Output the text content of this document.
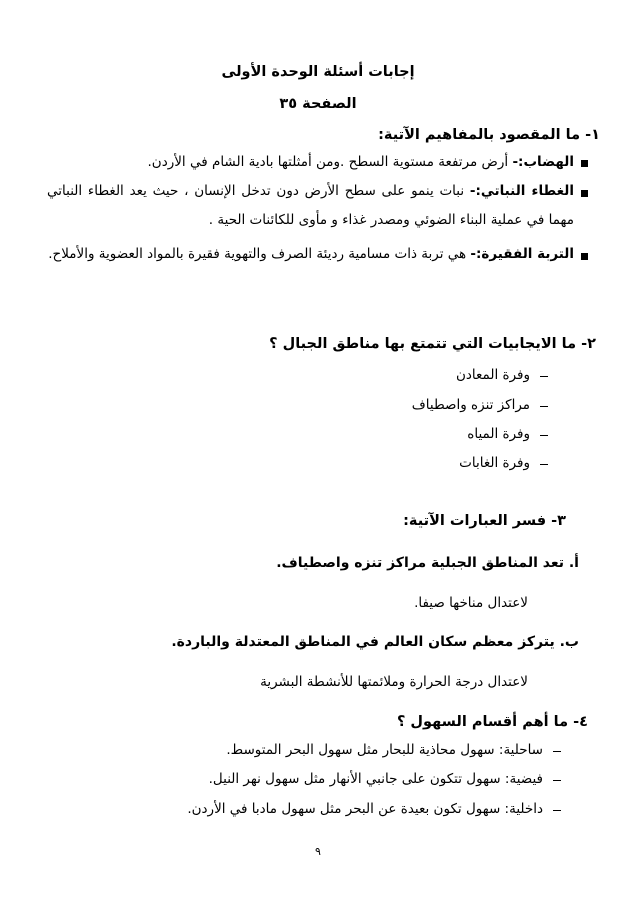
إجابات أسئلة الوحدة الأولى
الصفحة ٣٥
١- ما المقصود بالمفاهيم الآتية:
الهضاب:- أرض مرتفعة مستوية السطح .ومن أمثلتها بادية الشام في الأردن.
الغطاء النباتي:- نبات ينمو على سطح الأرض دون تدخل الإنسان ، حيث يعد الغطاء النباتي مهما في عملية البناء الضوئي ومصدر غذاء و مأوى للكائنات الحية .
التربة الفقيرة:- هي تربة ذات مسامية رديئة الصرف والتهوية فقيرة بالمواد العضوية والأملاح.
٢- ما الايجابيات التي تتمتع بها مناطق الجبال ؟
وفرة المعادن
مراكز تنزه واصطياف
وفرة المياه
وفرة الغابات
٣- فسر العبارات الآتية:
أ. تعد المناطق الجبلية مراكز تنزه واصطياف.
لاعتدال مناخها صيفا.
ب. يتركز معظم سكان العالم في المناطق المعتدلة والباردة.
لاعتدال درجة الحرارة وملائمتها للأنشطة البشرية
٤- ما أهم أقسام السهول ؟
ساحلية: سهول محاذية للبحار مثل سهول البحر المتوسط.
فيضية: سهول تتكون على جانبي الأنهار مثل سهول نهر النيل.
داخلية: سهول تكون بعيدة عن البحر مثل سهول مادبا في الأردن.
٩
